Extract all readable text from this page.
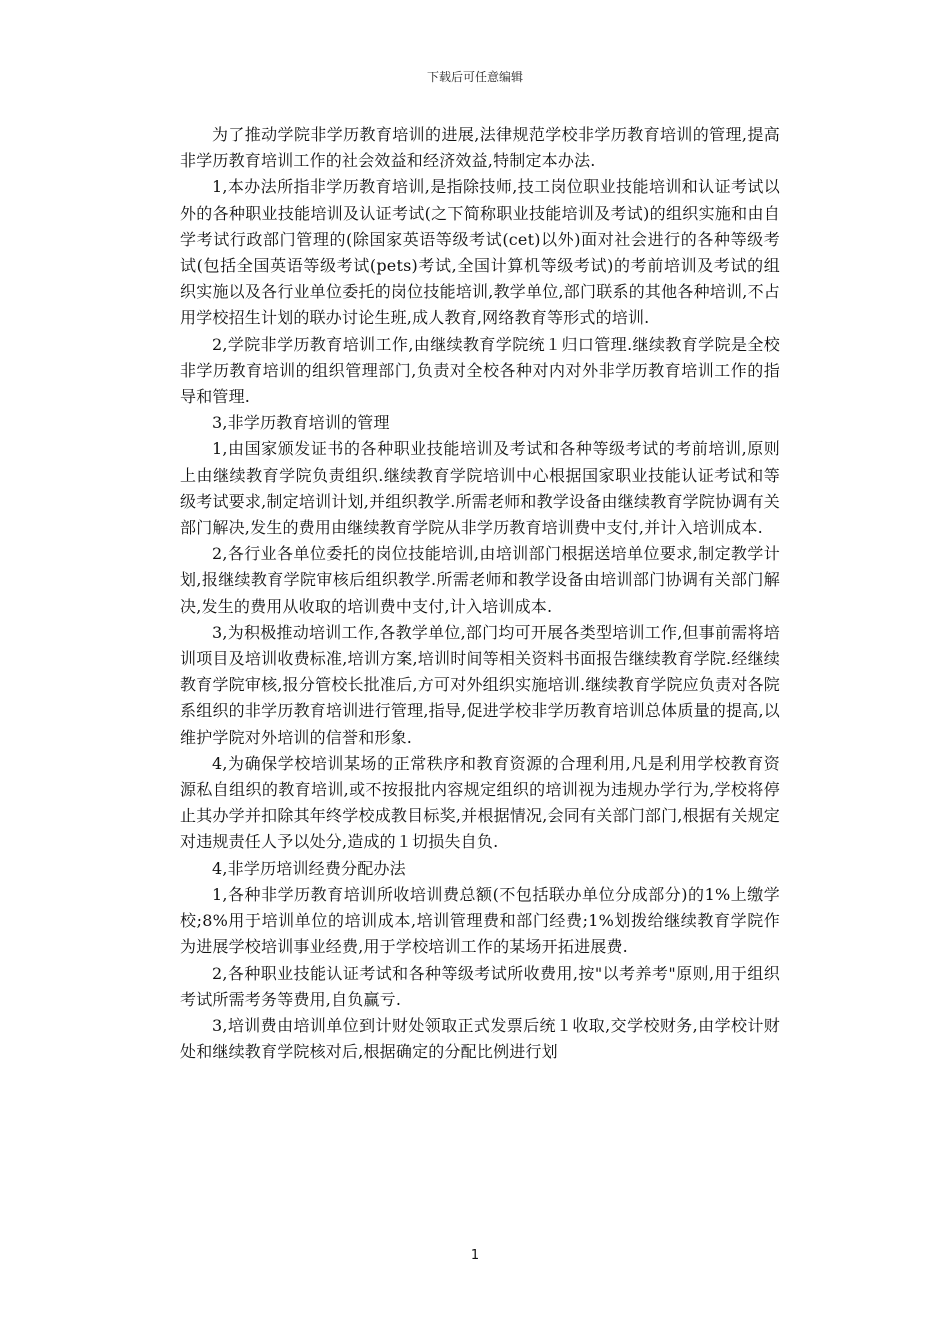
下载后可任意编辑

为了推动学院非学历教育培训的进展,法律规范学校非学历教育培训的管理,提高非学历教育培训工作的社会效益和经济效益,特制定本办法.

1,本办法所指非学历教育培训,是指除技师,技工岗位职业技能培训和认证考试以外的各种职业技能培训及认证考试(之下简称职业技能培训及考试)的组织实施和由自学考试行政部门管理的(除国家英语等级考试(cet)以外)面对社会进行的各种等级考试(包括全国英语等级考试(pets)考试,全国计算机等级考试)的考前培训及考试的组织实施以及各行业单位委托的岗位技能培训,教学单位,部门联系的其他各种培训,不占用学校招生计划的联办讨论生班,成人教育,网络教育等形式的培训.

2,学院非学历教育培训工作,由继续教育学院统１归口管理.继续教育学院是全校非学历教育培训的组织管理部门,负责对全校各种对内对外非学历教育培训工作的指导和管理.

3,非学历教育培训的管理

1,由国家颁发证书的各种职业技能培训及考试和各种等级考试的考前培训,原则上由继续教育学院负责组织.继续教育学院培训中心根据国家职业技能认证考试和等级考试要求,制定培训计划,并组织教学.所需老师和教学设备由继续教育学院协调有关部门解决,发生的费用由继续教育学院从非学历教育培训费中支付,并计入培训成本.

2,各行业各单位委托的岗位技能培训,由培训部门根据送培单位要求,制定教学计划,报继续教育学院审核后组织教学.所需老师和教学设备由培训部门协调有关部门解决,发生的费用从收取的培训费中支付,计入培训成本.

3,为积极推动培训工作,各教学单位,部门均可开展各类型培训工作,但事前需将培训项目及培训收费标准,培训方案,培训时间等相关资料书面报告继续教育学院.经继续教育学院审核,报分管校长批准后,方可对外组织实施培训.继续教育学院应负责对各院系组织的非学历教育培训进行管理,指导,促进学校非学历教育培训总体质量的提高,以维护学院对外培训的信誉和形象.

4,为确保学校培训某场的正常秩序和教育资源的合理利用,凡是利用学校教育资源私自组织的教育培训,或不按报批内容规定组织的培训视为违规办学行为,学校将停止其办学并扣除其年终学校成教目标奖,并根据情况,会同有关部门部门,根据有关规定对违规责任人予以处分,造成的１切损失自负.

4,非学历培训经费分配办法

1,各种非学历教育培训所收培训费总额(不包括联办单位分成部分)的1%上缴学校;8%用于培训单位的培训成本,培训管理费和部门经费;1%划拨给继续教育学院作为进展学校培训事业经费,用于学校培训工作的某场开拓进展费.

2,各种职业技能认证考试和各种等级考试所收费用,按"以考养考"原则,用于组织考试所需考务等费用,自负赢亏.

3,培训费由培训单位到计财处领取正式发票后统１收取,交学校财务,由学校计财处和继续教育学院核对后,根据确定的分配比例进行划

1
